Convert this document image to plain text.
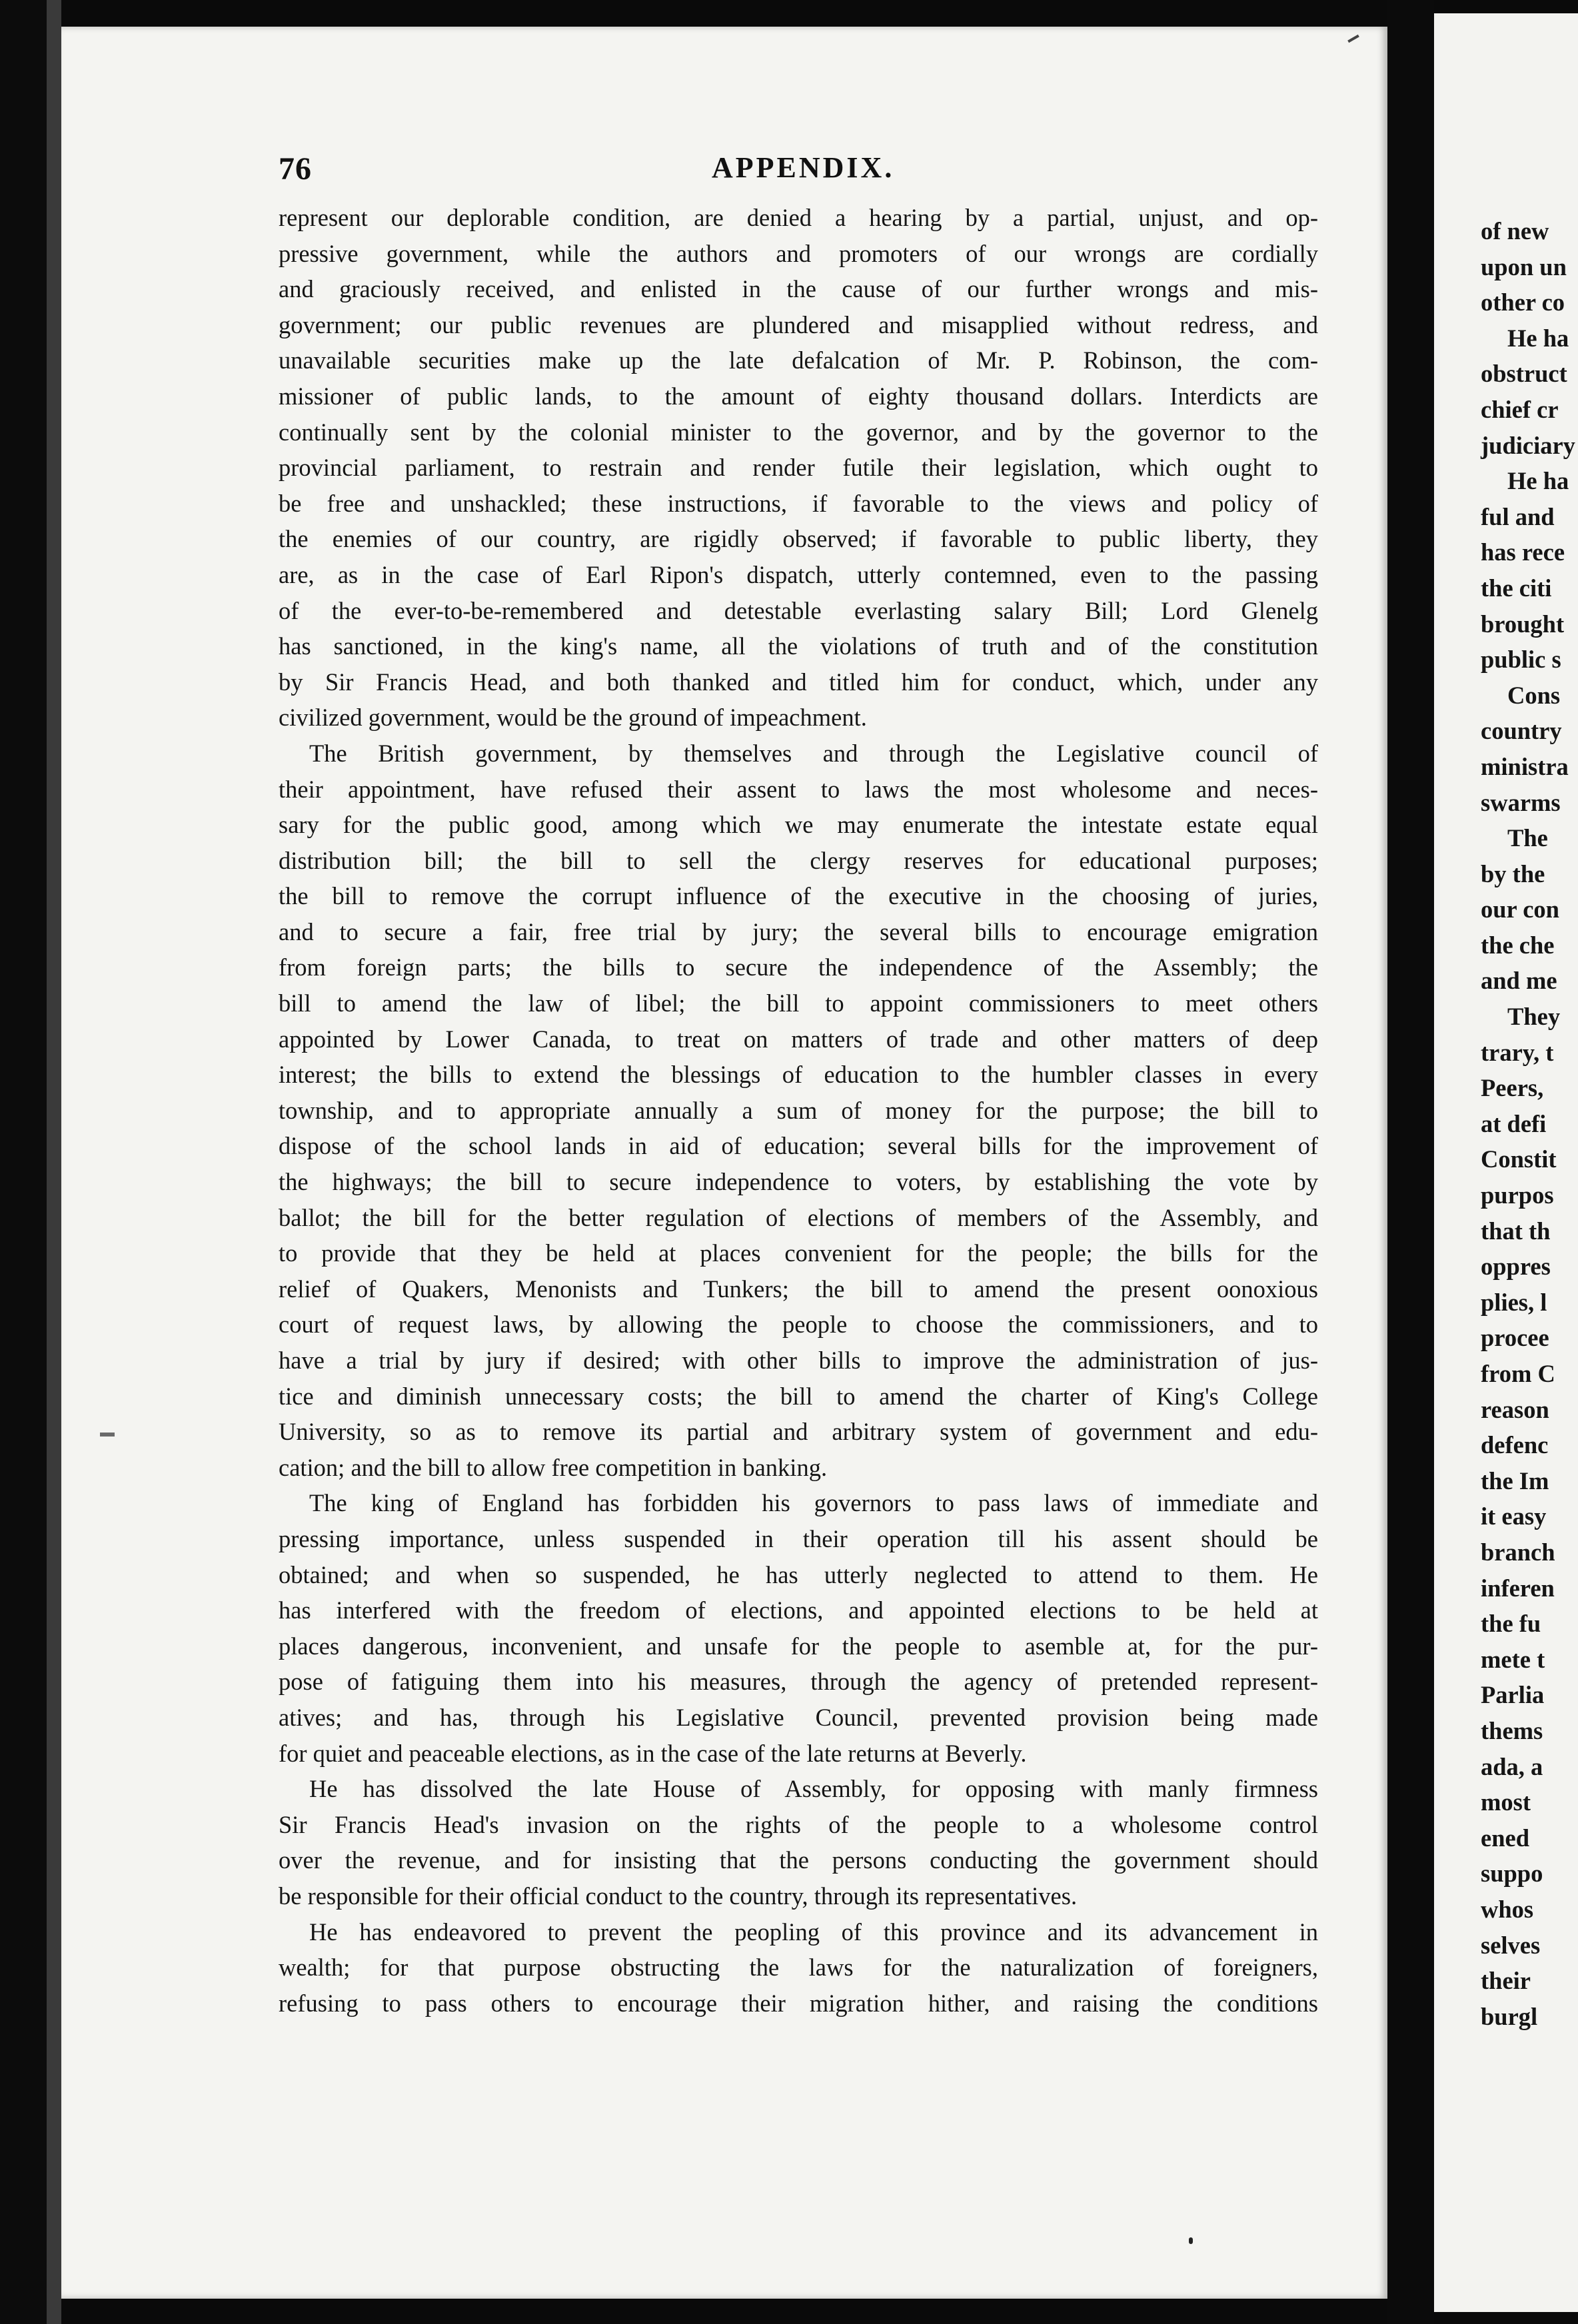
76	APPENDIX.
represent our deplorable condition, are denied a hearing by a partial, unjust, and op-
pressive government, while the authors and promoters of our wrongs are cordially
and graciously received, and enlisted in the cause of our further wrongs and mis-
government; our public revenues are plundered and misapplied without redress, and
unavailable securities make up the late defalcation of Mr. P. Robinson, the com-
missioner of public lands, to the amount of eighty thousand dollars. Interdicts are
continually sent by the colonial minister to the governor, and by the governor to the
provincial parliament, to restrain and render futile their legislation, which ought to
be free and unshackled; these instructions, if favorable to the views and policy of
the enemies of our country, are rigidly observed; if favorable to public liberty, they
are, as in the case of Earl Ripon's dispatch, utterly contemned, even to the passing
of the ever-to-be-remembered and detestable everlasting salary Bill; Lord Glenelg
has sanctioned, in the king's name, all the violations of truth and of the constitution
by Sir Francis Head, and both thanked and titled him for conduct, which, under any
civilized government, would be the ground of impeachment.
The British government, by themselves and through the Legislative council of
their appointment, have refused their assent to laws the most wholesome and neces-
sary for the public good, among which we may enumerate the intestate estate equal
distribution bill; the bill to sell the clergy reserves for educational purposes;
the bill to remove the corrupt influence of the executive in the choosing of juries,
and to secure a fair, free trial by jury; the several bills to encourage emigration
from foreign parts; the bills to secure the independence of the Assembly; the
bill to amend the law of libel; the bill to appoint commissioners to meet others
appointed by Lower Canada, to treat on matters of trade and other matters of deep
interest; the bills to extend the blessings of education to the humbler classes in every
township, and to appropriate annually a sum of money for the purpose; the bill to
dispose of the school lands in aid of education; several bills for the improvement of
the highways; the bill to secure independence to voters, by establishing the vote by
ballot; the bill for the better regulation of elections of members of the Assembly, and
to provide that they be held at places convenient for the people; the bills for the
relief of Quakers, Menonists and Tunkers; the bill to amend the present oonoxious
court of request laws, by allowing the people to choose the commissioners, and to
have a trial by jury if desired; with other bills to improve the administration of jus-
tice and diminish unnecessary costs; the bill to amend the charter of King's College
University, so as to remove its partial and arbitrary system of government and edu-
cation; and the bill to allow free competition in banking.
The king of England has forbidden his governors to pass laws of immediate and
pressing importance, unless suspended in their operation till his assent should be
obtained; and when so suspended, he has utterly neglected to attend to them. He
has interfered with the freedom of elections, and appointed elections to be held at
places dangerous, inconvenient, and unsafe for the people to asemble at, for the pur-
pose of fatiguing them into his measures, through the agency of pretended represent-
atives; and has, through his Legislative Council, prevented provision being made
for quiet and peaceable elections, as in the case of the late returns at Beverly.
He has dissolved the late House of Assembly, for opposing with manly firmness
Sir Francis Head's invasion on the rights of the people to a wholesome control
over the revenue, and for insisting that the persons conducting the government should
be responsible for their official conduct to the country, through its representatives.
He has endeavored to prevent the peopling of this province and its advancement in
wealth; for that purpose obstructing the laws for the naturalization of foreigners,
refusing to pass others to encourage their migration hither, and raising the conditions
of new
upon un
other co
He ha
obstruct
chief cr
judiciary
He ha
ful and
has rece
the citi
brought
public s
Cons
country
ministra
swarms
The
by the
our con
the che
and me
They
trary, t
Peers,
at defi
Constit
purpos
that th
oppres
plies, l
procee
from C
reason
defenc
the Im
it easy
branch
inferen
the fu
mete t
Parlia
thems
ada, a
most
ened
suppo
whos
selves
their
burgl
